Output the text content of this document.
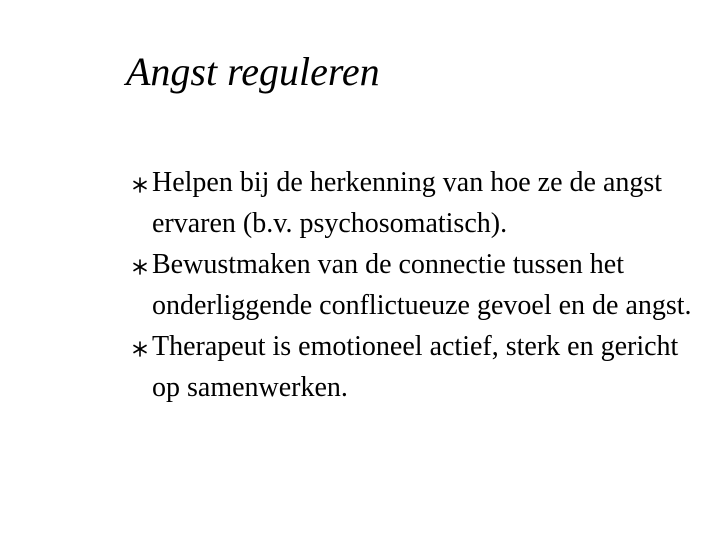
Angst reguleren
Helpen bij de herkenning van hoe ze de angst ervaren (b.v. psychosomatisch).
Bewustmaken van de connectie tussen het onderliggende conflictueuze gevoel en de angst.
Therapeut is emotioneel actief, sterk en gericht op samenwerken.
